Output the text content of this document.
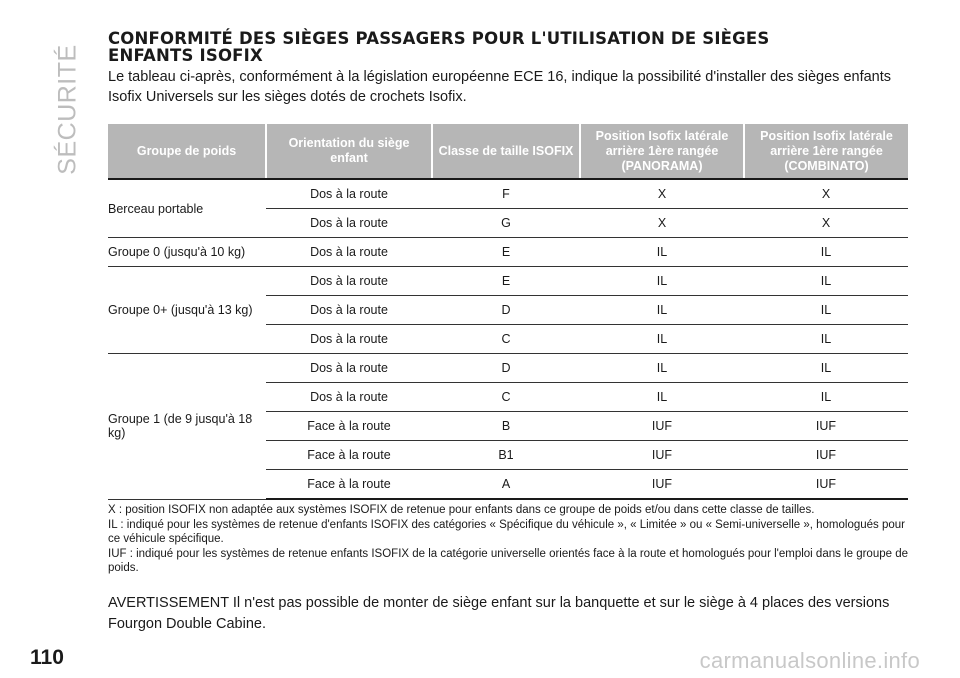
SÉCURITÉ
CONFORMITÉ DES SIÈGES PASSAGERS POUR L'UTILISATION DE SIÈGES
ENFANTS ISOFIX

Le tableau ci-après, conformément à la législation européenne ECE 16, indique la possibilité d'installer des sièges enfants Isofix Universels sur les sièges dotés de crochets Isofix.

Groupe de poids	Orientation du siège enfant	Classe de taille ISOFIX	Position Isofix latérale arrière 1ère rangée (PANORAMA)	Position Isofix latérale arrière 1ère rangée (COMBINATO)
Berceau portable	Dos à la route	F	X	X
	Dos à la route	G	X	X
Groupe 0 (jusqu'à 10 kg)	Dos à la route	E	IL	IL
Groupe 0+ (jusqu'à 13 kg)	Dos à la route	E	IL	IL
	Dos à la route	D	IL	IL
	Dos à la route	C	IL	IL
Groupe 1 (de 9 jusqu'à 18 kg)	Dos à la route	D	IL	IL
	Dos à la route	C	IL	IL
	Face à la route	B	IUF	IUF
	Face à la route	B1	IUF	IUF
	Face à la route	A	IUF	IUF

X : position ISOFIX non adaptée aux systèmes ISOFIX de retenue pour enfants dans ce groupe de poids et/ou dans cette classe de tailles.

IL : indiqué pour les systèmes de retenue d'enfants ISOFIX des catégories « Spécifique du véhicule », « Limitée » ou « Semi-universelle », homologués pour ce véhicule spécifique.

IUF : indiqué pour les systèmes de retenue enfants ISOFIX de la catégorie universelle orientés face à la route et homologués pour l'emploi dans le groupe de poids.

AVERTISSEMENT Il n'est pas possible de monter de siège enfant sur la banquette et sur le siège à 4 places des versions Fourgon Double Cabine.

110	carmanualsonline.info
